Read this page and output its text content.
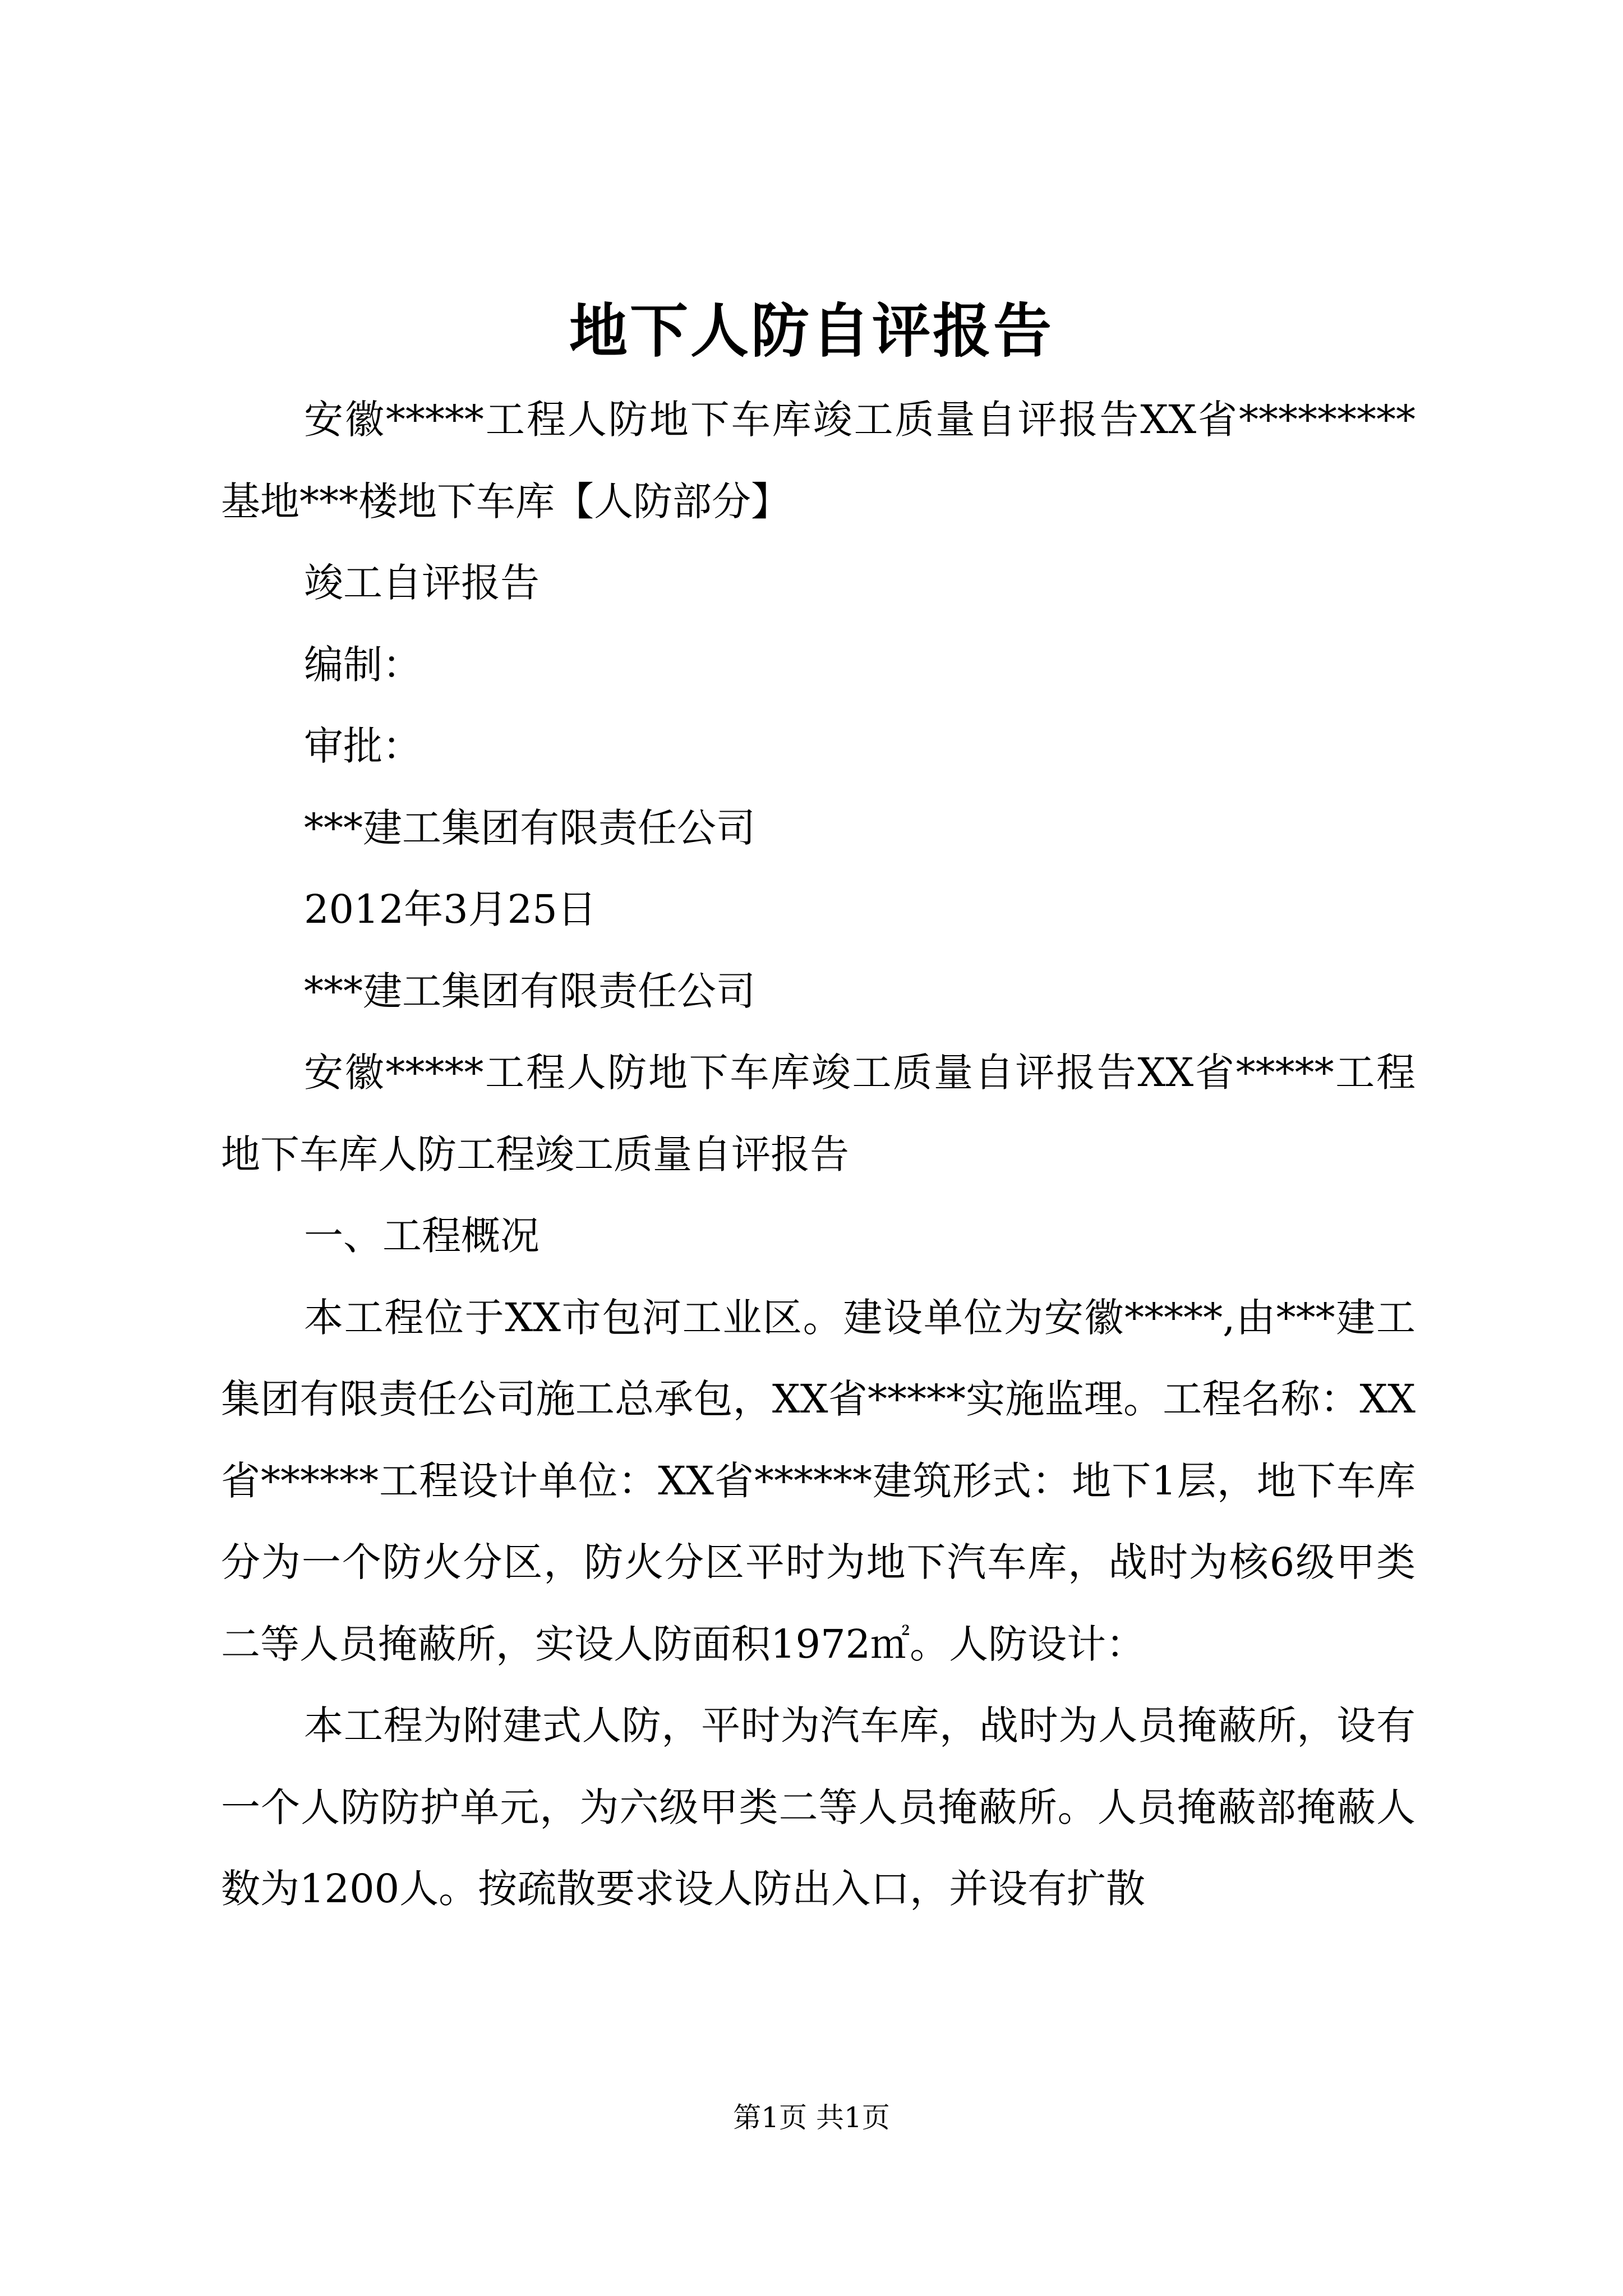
地下人防自评报告

安徽*****工程人防地下车库竣工质量自评报告XX省*********基地***楼地下车库【人防部分】

竣工自评报告

编制：

审批：

***建工集团有限责任公司

2012年3月25日

***建工集团有限责任公司

安徽*****工程人防地下车库竣工质量自评报告XX省*****工程地下车库人防工程竣工质量自评报告

一、工程概况

本工程位于XX市包河工业区。建设单位为安徽*****,由***建工集团有限责任公司施工总承包，XX省*****实施监理。工程名称：XX省******工程设计单位：XX省******建筑形式：地下1层，地下车库分为一个防火分区，防火分区平时为地下汽车库，战时为核6级甲类二等人员掩蔽所，实设人防面积1972㎡。人防设计：

本工程为附建式人防，平时为汽车库，战时为人员掩蔽所，设有一个人防防护单元，为六级甲类二等人员掩蔽所。人员掩蔽部掩蔽人数为1200人。按疏散要求设人防出入口，并设有扩散

第1页 共1页
